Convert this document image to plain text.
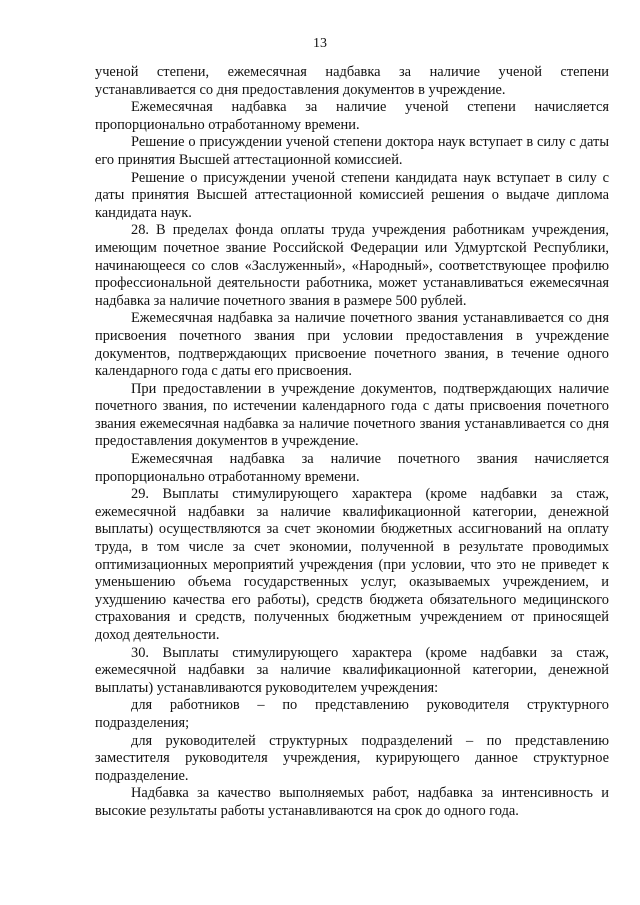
13

ученой степени, ежемесячная надбавка за наличие ученой степени устанавливается со дня предоставления документов в учреждение.

Ежемесячная надбавка за наличие ученой степени начисляется пропорционально отработанному времени.

Решение о присуждении ученой степени доктора наук вступает в силу с даты его принятия Высшей аттестационной комиссией.

Решение о присуждении ученой степени кандидата наук вступает в силу с даты принятия Высшей аттестационной комиссией решения о выдаче диплома кандидата наук.

28. В пределах фонда оплаты труда учреждения работникам учреждения, имеющим почетное звание Российской Федерации или Удмуртской Республики, начинающееся со слов «Заслуженный», «Народный», соответствующее профилю профессиональной деятельности работника, может устанавливаться ежемесячная надбавка за наличие почетного звания в размере 500 рублей.

Ежемесячная надбавка за наличие почетного звания устанавливается со дня присвоения почетного звания при условии предоставления в учреждение документов, подтверждающих присвоение почетного звания, в течение одного календарного года с даты его присвоения.

При предоставлении в учреждение документов, подтверждающих наличие почетного звания, по истечении календарного года с даты присвоения почетного звания ежемесячная надбавка за наличие почетного звания устанавливается со дня предоставления документов в учреждение.

Ежемесячная надбавка за наличие почетного звания начисляется пропорционально отработанному времени.

29. Выплаты стимулирующего характера (кроме надбавки за стаж, ежемесячной надбавки за наличие квалификационной категории, денежной выплаты) осуществляются за счет экономии бюджетных ассигнований на оплату труда, в том числе за счет экономии, полученной в результате проводимых оптимизационных мероприятий учреждения (при условии, что это не приведет к уменьшению объема государственных услуг, оказываемых учреждением, и ухудшению качества его работы), средств бюджета обязательного медицинского страхования и средств, полученных бюджетным учреждением от приносящей доход деятельности.

30. Выплаты стимулирующего характера (кроме надбавки за стаж, ежемесячной надбавки за наличие квалификационной категории, денежной выплаты) устанавливаются руководителем учреждения:

для работников – по представлению руководителя структурного подразделения;

для руководителей структурных подразделений – по представлению заместителя руководителя учреждения, курирующего данное структурное подразделение.

Надбавка за качество выполняемых работ, надбавка за интенсивность и высокие результаты работы устанавливаются на срок до одного года.
